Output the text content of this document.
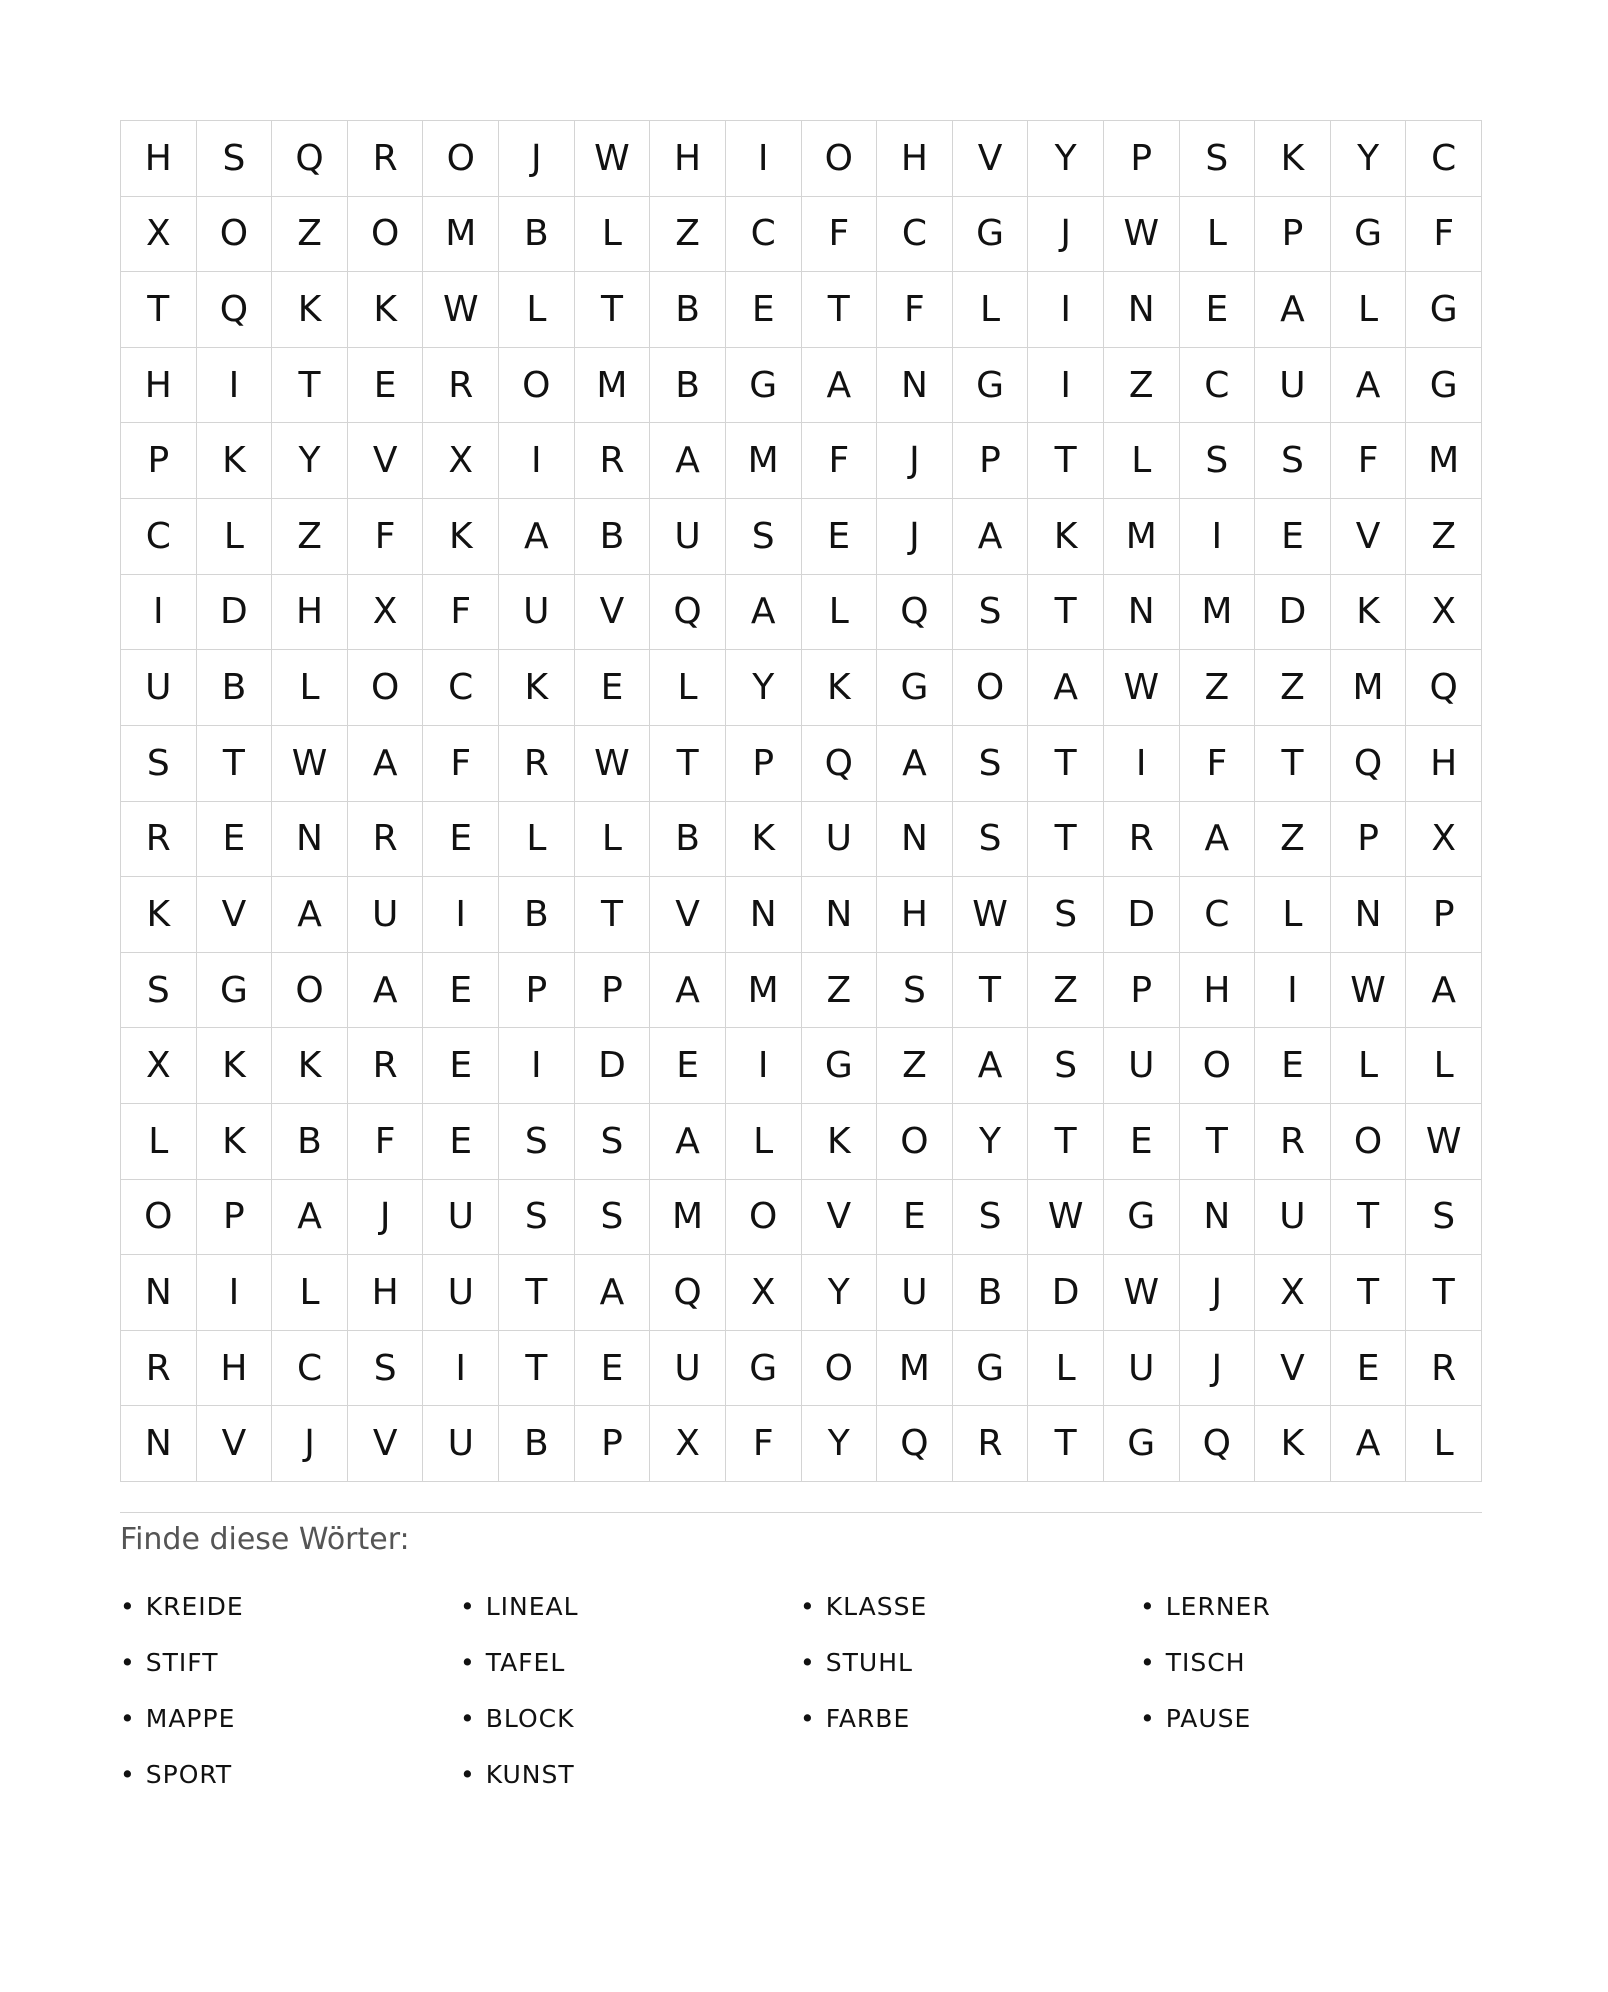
H	S	Q	R	O	J	W	H	I	O	H	V	Y	P	S	K	Y	C
X	O	Z	O	M	B	L	Z	C	F	C	G	J	W	L	P	G	F
T	Q	K	K	W	L	T	B	E	T	F	L	I	N	E	A	L	G
H	I	T	E	R	O	M	B	G	A	N	G	I	Z	C	U	A	G
P	K	Y	V	X	I	R	A	M	F	J	P	T	L	S	S	F	M
C	L	Z	F	K	A	B	U	S	E	J	A	K	M	I	E	V	Z
I	D	H	X	F	U	V	Q	A	L	Q	S	T	N	M	D	K	X
U	B	L	O	C	K	E	L	Y	K	G	O	A	W	Z	Z	M	Q
S	T	W	A	F	R	W	T	P	Q	A	S	T	I	F	T	Q	H
R	E	N	R	E	L	L	B	K	U	N	S	T	R	A	Z	P	X
K	V	A	U	I	B	T	V	N	N	H	W	S	D	C	L	N	P
S	G	O	A	E	P	P	A	M	Z	S	T	Z	P	H	I	W	A
X	K	K	R	E	I	D	E	I	G	Z	A	S	U	O	E	L	L
L	K	B	F	E	S	S	A	L	K	O	Y	T	E	T	R	O	W
O	P	A	J	U	S	S	M	O	V	E	S	W	G	N	U	T	S
N	I	L	H	U	T	A	Q	X	Y	U	B	D	W	J	X	T	T
R	H	C	S	I	T	E	U	G	O	M	G	L	U	J	V	E	R
N	V	J	V	U	B	P	X	F	Y	Q	R	T	G	Q	K	A	L
Finde diese Wörter:
• KREIDE	• LINEAL	• KLASSE	• LERNER
• STIFT	• TAFEL	• STUHL	• TISCH
• MAPPE	• BLOCK	• FARBE	• PAUSE
• SPORT	• KUNST
